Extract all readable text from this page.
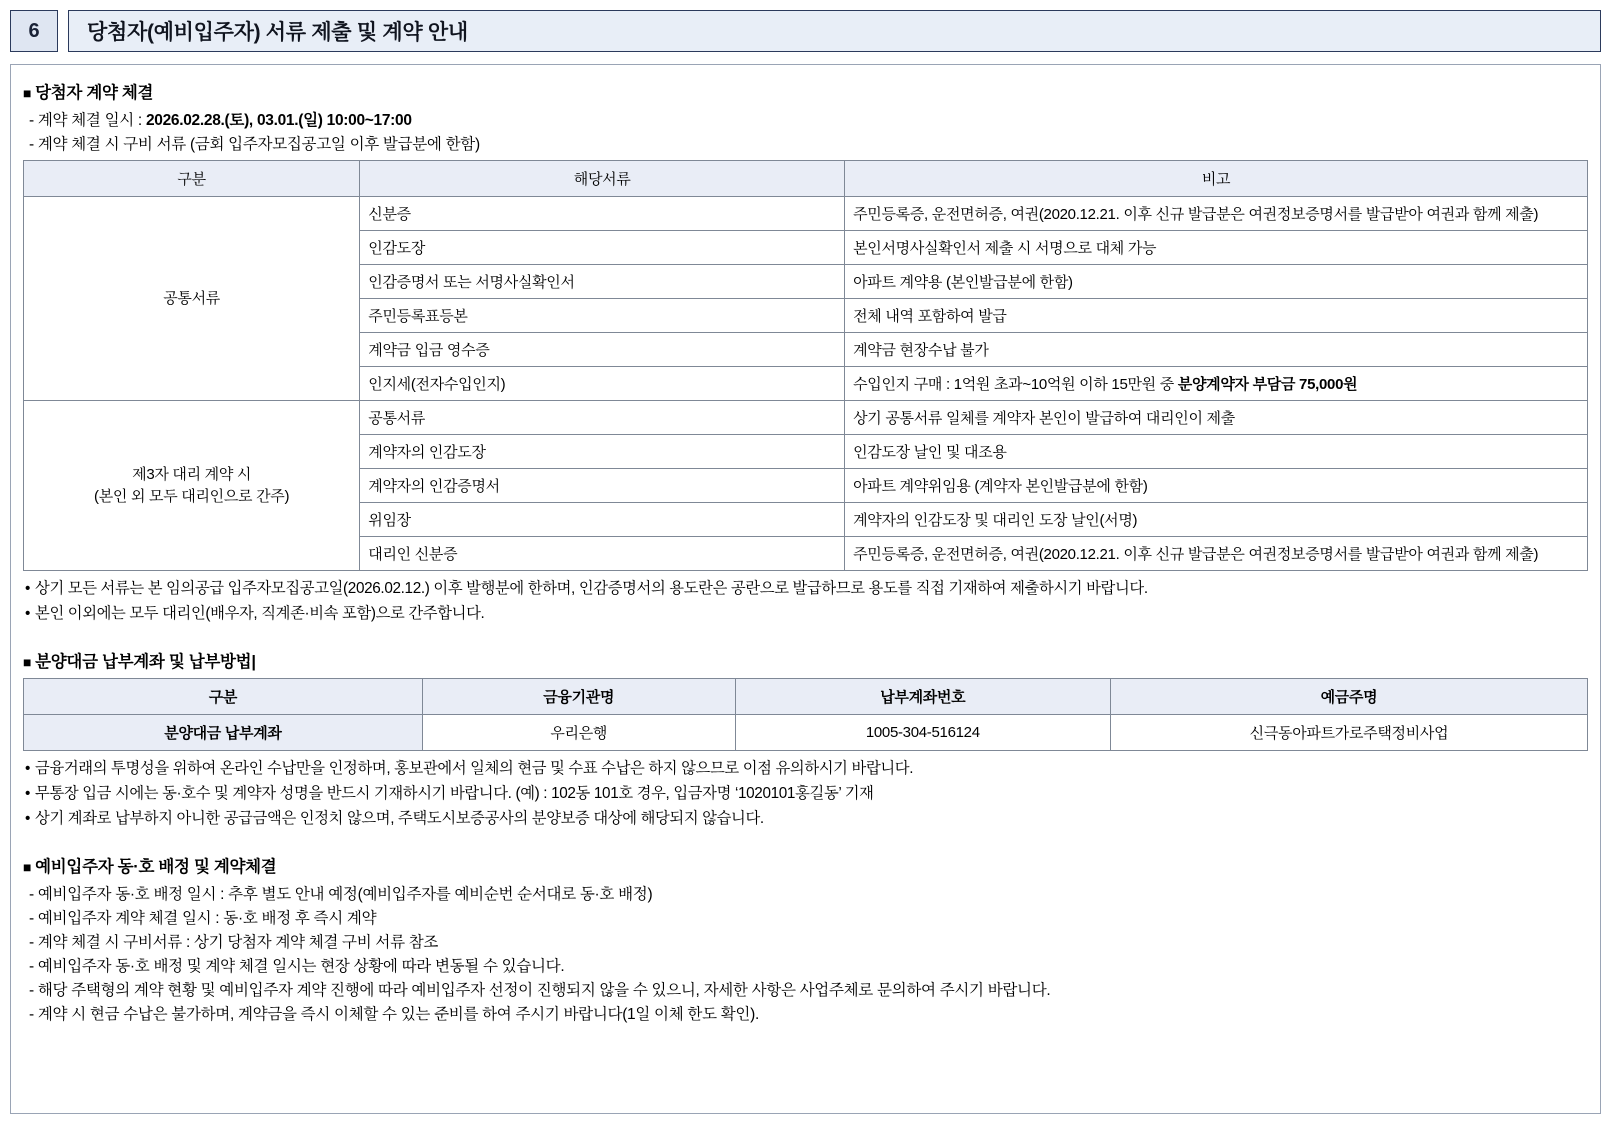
6	당첨자(예비입주자) 서류 제출 및 계약 안내
■ 당첨자 계약 체결
- 계약 체결 일시 : 2026.02.28.(토), 03.01.(일) 10:00~17:00
- 계약 체결 시 구비 서류 (금회 입주자모집공고일 이후 발급분에 한함)
구분	해당서류	비고
공통서류	신분증	주민등록증, 운전면허증, 여권(2020.12.21. 이후 신규 발급분은 여권정보증명서를 발급받아 여권과 함께 제출)
	인감도장	본인서명사실확인서 제출 시 서명으로 대체 가능
	인감증명서 또는 서명사실확인서	아파트 계약용 (본인발급분에 한함)
	주민등록표등본	전체 내역 포함하여 발급
	계약금 입금 영수증	계약금 현장수납 불가
	인지세(전자수입인지)	수입인지 구매 : 1억원 초과~10억원 이하 15만원 중 분양계약자 부담금 75,000원

제3자 대리 계약 시
(본인 외 모두 대리인으로 간주)	공통서류	상기 공통서류 일체를 계약자 본인이 발급하여 대리인이 제출
	계약자의 인감도장	인감도장 날인 및 대조용
	계약자의 인감증명서	아파트 계약위임용 (계약자 본인발급분에 한함)
	위임장	계약자의 인감도장 및 대리인 도장 날인(서명)
	대리인 신분증	주민등록증, 운전면허증, 여권(2020.12.21. 이후 신규 발급분은 여권정보증명서를 발급받아 여권과 함께 제출)
• 상기 모든 서류는 본 임의공급 입주자모집공고일(2026.02.12.) 이후 발행분에 한하며, 인감증명서의 용도란은 공란으로 발급하므로 용도를 직접 기재하여 제출하시기 바랍니다.
• 본인 이외에는 모두 대리인(배우자, 직계존·비속 포함)으로 간주합니다.
■ 분양대금 납부계좌 및 납부방법|
구분	금융기관명	납부계좌번호	예금주명
분양대금 납부계좌	우리은행	1005-304-516124	신극동아파트가로주택정비사업
• 금융거래의 투명성을 위하여 온라인 수납만을 인정하며, 홍보관에서 일체의 현금 및 수표 수납은 하지 않으므로 이점 유의하시기 바랍니다.
• 무통장 입금 시에는 동·호수 및 계약자 성명을 반드시 기재하시기 바랍니다. (예) : 102동 101호 경우, 입금자명 ‘1020101홍길동’ 기재
• 상기 계좌로 납부하지 아니한 공급금액은 인정치 않으며, 주택도시보증공사의 분양보증 대상에 해당되지 않습니다.
■ 예비입주자 동·호 배정 및 계약체결
- 예비입주자 동·호 배정 일시 : 추후 별도 안내 예정(예비입주자를 예비순번 순서대로 동·호 배정)
- 예비입주자 계약 체결 일시 : 동·호 배정 후 즉시 계약
- 계약 체결 시 구비서류 : 상기 당첨자 계약 체결 구비 서류 참조
- 예비입주자 동·호 배정 및 계약 체결 일시는 현장 상황에 따라 변동될 수 있습니다.
- 해당 주택형의 계약 현황 및 예비입주자 계약 진행에 따라 예비입주자 선정이 진행되지 않을 수 있으니, 자세한 사항은 사업주체로 문의하여 주시기 바랍니다.
- 계약 시 현금 수납은 불가하며, 계약금을 즉시 이체할 수 있는 준비를 하여 주시기 바랍니다(1일 이체 한도 확인).
